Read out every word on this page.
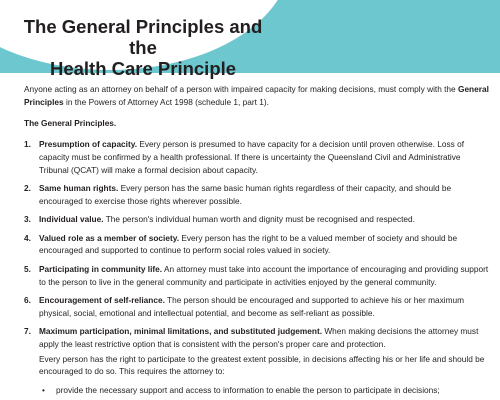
The General Principles and the
Health Care Principle

Anyone acting as an attorney on behalf of a person with impaired capacity for making decisions, must comply with the General Principles in the Powers of Attorney Act 1998 (schedule 1, part 1).

The General Principles.

1. Presumption of capacity. Every person is presumed to have capacity for a decision until proven otherwise. Loss of capacity must be confirmed by a health professional. If there is uncertainty the Queensland Civil and Administrative Tribunal (QCAT) will make a formal decision about capacity.
2. Same human rights. Every person has the same basic human rights regardless of their capacity, and should be encouraged to exercise those rights wherever possible.
3. Individual value. The person's individual human worth and dignity must be recognised and respected.
4. Valued role as a member of society. Every person has the right to be a valued member of society and should be encouraged and supported to continue to perform social roles valued in society.
5. Participating in community life. An attorney must take into account the importance of encouraging and providing support to the person to live in the general community and participate in activities enjoyed by the general community.
6. Encouragement of self-reliance. The person should be encouraged and supported to achieve his or her maximum physical, social, emotional and intellectual potential, and become as self-reliant as possible.
7. Maximum participation, minimal limitations, and substituted judgement. When making decisions the attorney must apply the least restrictive option that is consistent with the person's proper care and protection.

Every person has the right to participate to the greatest extent possible, in decisions affecting his or her life and should be encouraged to do so. This requires the attorney to:

• provide the necessary support and access to information to enable the person to participate in decisions;
